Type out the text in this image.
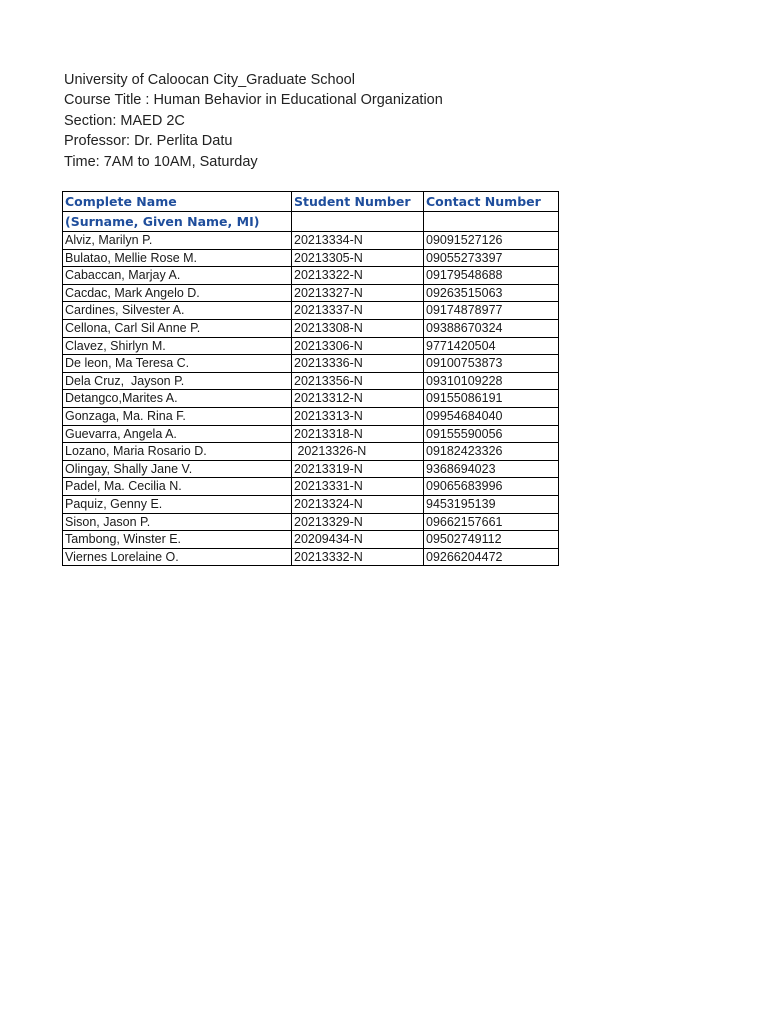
University of Caloocan City_Graduate School
Course Title : Human Behavior in Educational Organization
Section: MAED 2C
Professor: Dr. Perlita Datu
Time: 7AM to 10AM, Saturday
Complete Name	Student Number	Contact Number
(Surname, Given Name, MI)		
Alviz, Marilyn P.	20213334-N	09091527126
Bulatao, Mellie Rose M.	20213305-N	09055273397
Cabaccan, Marjay A.	20213322-N	09179548688
Cacdac, Mark Angelo D.	20213327-N	09263515063
Cardines, Silvester A.	20213337-N	09174878977
Cellona, Carl Sil Anne P.	20213308-N	09388670324
Clavez, Shirlyn M.	20213306-N	9771420504
De leon, Ma Teresa C.	20213336-N	09100753873
Dela Cruz,  Jayson P.	20213356-N	09310109228
Detangco,Marites A.	20213312-N	09155086191
Gonzaga, Ma. Rina F.	20213313-N	09954684040
Guevarra, Angela A.	20213318-N	09155590056
Lozano, Maria Rosario D.	20213326-N	09182423326
Olingay, Shally Jane V.	20213319-N	9368694023
Padel, Ma. Cecilia N.	20213331-N	09065683996
Paquiz, Genny E.	20213324-N	9453195139
Sison, Jason P.	20213329-N	09662157661
Tambong, Winster E.	20209434-N	09502749112
Viernes Lorelaine O.	20213332-N	09266204472
